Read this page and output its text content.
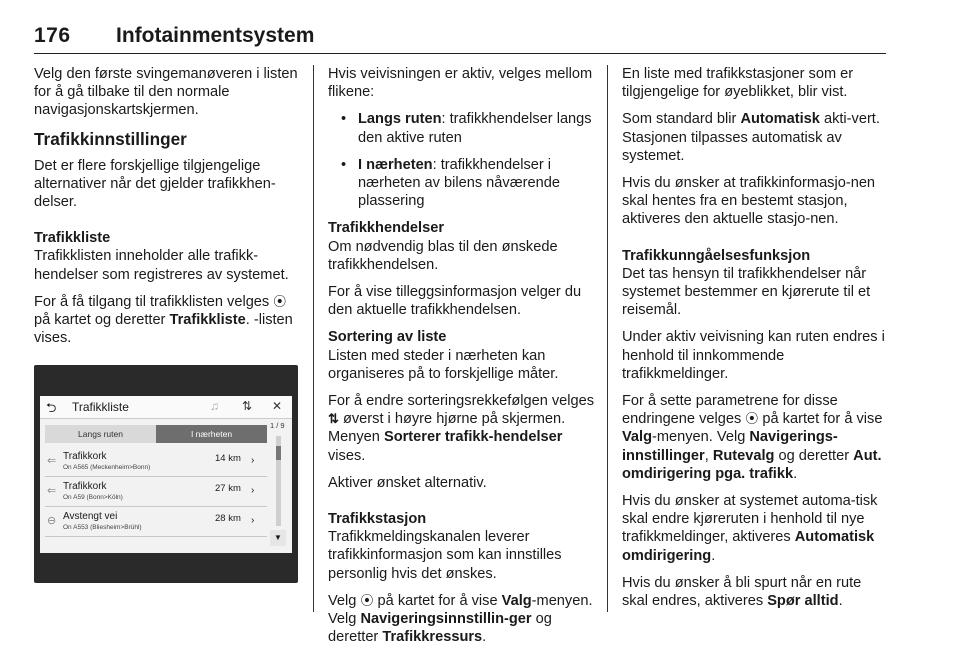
176 Infotainmentsystem

Velg den første svingemanøveren i listen for å gå tilbake til den normale navigasjonskartskjermen.

Trafikkinnstillinger

Det er flere forskjellige tilgjengelige alternativer når det gjelder trafikkhen-delser.

Trafikkliste

Trafikklisten inneholder alle trafikk-hendelser som registreres av systemet.

For å få tilgang til trafikklisten velges ⦿ på kartet og deretter Trafikkliste. -listen vises.

⮌ Trafikkliste	♫ ⇅ ✕
Langs ruten	I nærheten
1 / 9
▼
⇐ Trafikkork
On A565 (Meckenheim>Bonn)
14 km ›
⇐ Trafikkork
On A59 (Bonn>Köln)
27 km ›
⊖ Avstengt vei
On A553 (Bliesheim>Brühl)
28 km ›

Hvis veivisningen er aktiv, velges mellom flikene:

• Langs ruten: trafikkhendelser langs den aktive ruten
• I nærheten: trafikkhendelser i nærheten av bilens nåværende plassering
Trafikkhendelser

Om nødvendig blas til den ønskede trafikkhendelsen.

For å vise tilleggsinformasjon velger du den aktuelle trafikkhendelsen.

Sortering av liste

Listen med steder i nærheten kan organiseres på to forskjellige måter.

For å endre sorteringsrekkefølgen velges ⇅ øverst i høyre hjørne på skjermen. Menyen Sorterer trafikk-hendelser vises.

Aktiver ønsket alternativ.

Trafikkstasjon

Trafikkmeldingskanalen leverer trafikkinformasjon som kan innstilles personlig hvis det ønskes.

Velg ⦿ på kartet for å vise Valg-menyen. Velg Navigeringsinnstillin-ger og deretter Trafikkressurs.

En liste med trafikkstasjoner som er tilgjengelige for øyeblikket, blir vist.

Som standard blir Automatisk akti-vert. Stasjonen tilpasses automatisk av systemet.

Hvis du ønsker at trafikkinformasjo-nen skal hentes fra en bestemt stasjon, aktiveres den aktuelle stasjo-nen.

Trafikkunngåelsesfunksjon

Det tas hensyn til trafikkhendelser når systemet bestemmer en kjørerute til et reisemål.

Under aktiv veivisning kan ruten endres i henhold til innkommende trafikkmeldinger.

For å sette parametrene for disse endringene velges ⦿ på kartet for å vise Valg-menyen. Velg Navigerings-innstillinger, Rutevalg og deretter Aut. omdirigering pga. trafikk.

Hvis du ønsker at systemet automa-tisk skal endre kjøreruten i henhold til nye trafikkmeldinger, aktiveres Automatisk omdirigering.

Hvis du ønsker å bli spurt når en rute skal endres, aktiveres Spør alltid.
